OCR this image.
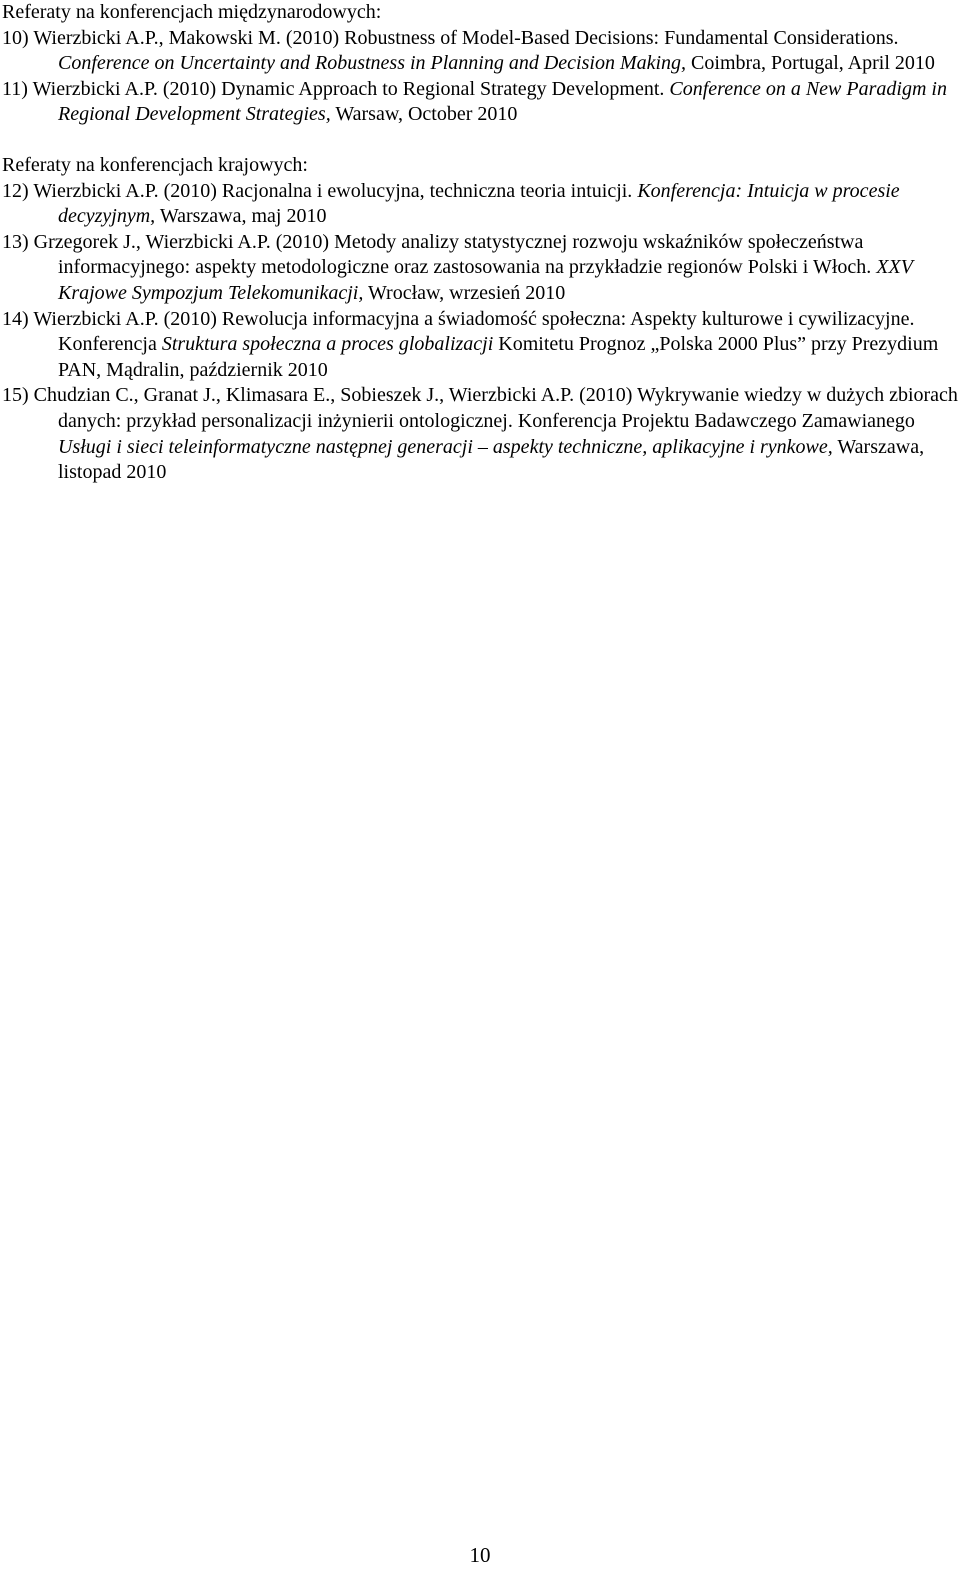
Referaty na konferencjach międzynarodowych:
10) Wierzbicki A.P., Makowski M. (2010) Robustness of Model-Based Decisions: Fundamental Considerations. Conference on Uncertainty and Robustness in Planning and Decision Making, Coimbra, Portugal, April 2010
11) Wierzbicki A.P. (2010) Dynamic Approach to Regional Strategy Development. Conference on a New Paradigm in Regional Development Strategies, Warsaw, October 2010
Referaty na konferencjach krajowych:
12) Wierzbicki A.P. (2010) Racjonalna i ewolucyjna, techniczna teoria intuicji. Konferencja: Intuicja w procesie decyzyjnym, Warszawa, maj 2010
13) Grzegorek J., Wierzbicki A.P. (2010) Metody analizy statystycznej rozwoju wskaźników społeczeństwa informacyjnego: aspekty metodologiczne oraz zastosowania na przykładzie regionów Polski i Włoch. XXV Krajowe Sympozjum Telekomunikacji, Wrocław, wrzesień 2010
14) Wierzbicki A.P. (2010) Rewolucja informacyjna a świadomość społeczna: Aspekty kulturowe i cywilizacyjne. Konferencja Struktura społeczna a proces globalizacji Komitetu Prognoz „Polska 2000 Plus” przy Prezydium PAN, Mądralin, październik 2010
15) Chudzian C., Granat J., Klimasara E., Sobieszek J., Wierzbicki A.P. (2010) Wykrywanie wiedzy w dużych zbiorach danych: przykład personalizacji inżynierii ontologicznej. Konferencja Projektu Badawczego Zamawianego Usługi i sieci teleinformatyczne następnej generacji – aspekty techniczne, aplikacyjne i rynkowe, Warszawa, listopad 2010
10
